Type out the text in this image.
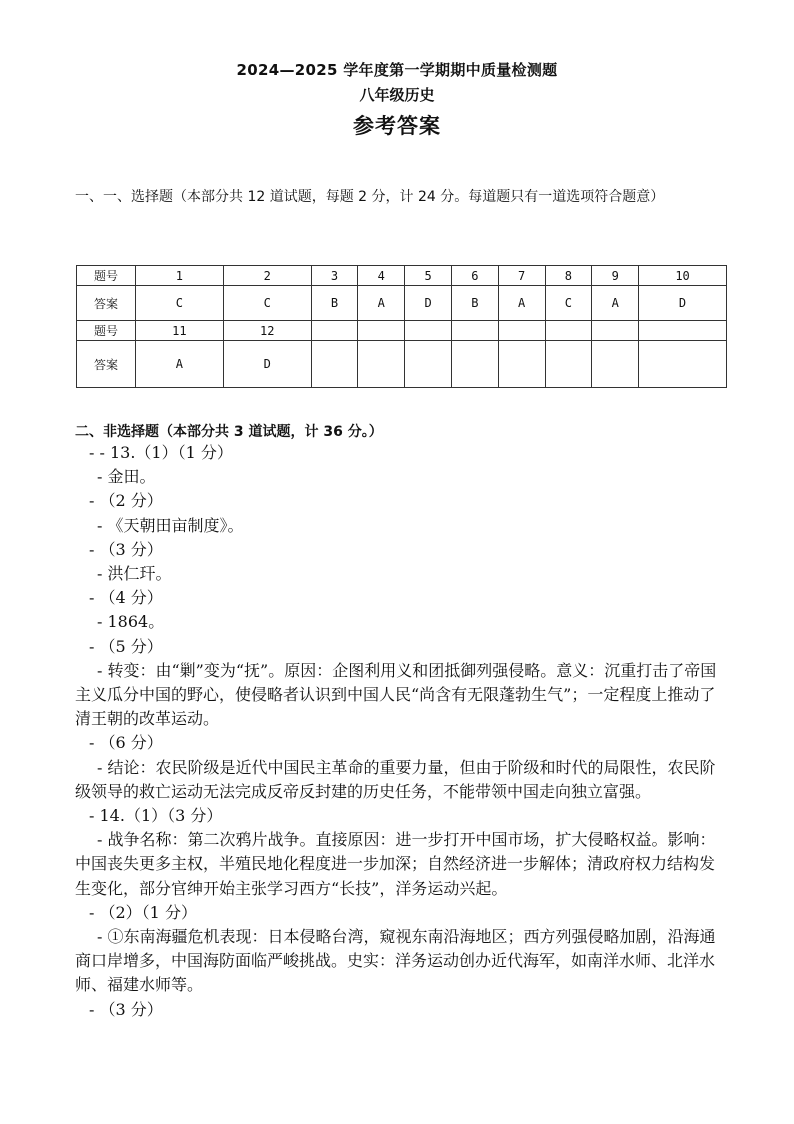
2024—2025 学年度第一学期期中质量检测题
八年级历史
参考答案
一、一、选择题（本部分共 12 道试题，每题 2 分，计 24 分。每道题只有一道选项符合题意）
题号	1	2	3	4	5	6	7	8	9	10
答案	C	C	B	A	D	B	A	C	A	D
题号	11	12								
答案	A	D								
二、非选择题（本部分共 3 道试题，计 36 分。）

- - 13.（1）（1 分）

- 金田。

- （2 分）

- 《天朝田亩制度》。

- （3 分）

- 洪仁玕。

- （4 分）

- 1864。

- （5 分）

- 转变：由“剿”变为“抚”。原因：企图利用义和团抵御列强侵略。意义：沉重打击了帝国主义瓜分中国的野心，使侵略者认识到中国人民“尚含有无限蓬勃生气”；一定程度上推动了清王朝的改革运动。

- （6 分）

- 结论：农民阶级是近代中国民主革命的重要力量，但由于阶级和时代的局限性，农民阶级领导的救亡运动无法完成反帝反封建的历史任务，不能带领中国走向独立富强。

- 14.（1）（3 分）

- 战争名称：第二次鸦片战争。直接原因：进一步打开中国市场，扩大侵略权益。影响：中国丧失更多主权，半殖民地化程度进一步加深；自然经济进一步解体；清政府权力结构发生变化，部分官绅开始主张学习西方“长技”，洋务运动兴起。

- （2）（1 分）

- ①东南海疆危机表现：日本侵略台湾，窥视东南沿海地区；西方列强侵略加剧，沿海通商口岸增多，中国海防面临严峻挑战。史实：洋务运动创办近代海军，如南洋水师、北洋水师、福建水师等。

- （3 分）
